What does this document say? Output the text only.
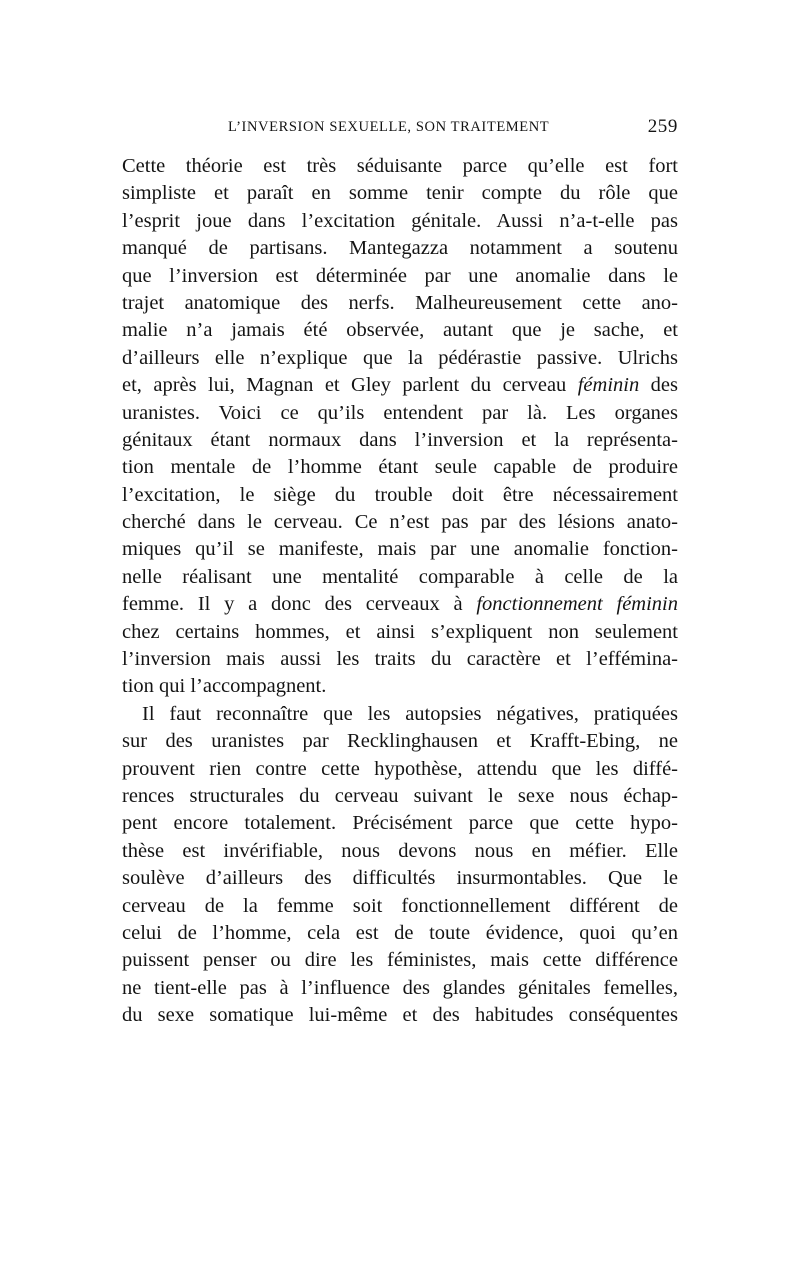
L’INVERSION SEXUELLE, SON TRAITEMENT	259
Cette théorie est très séduisante parce qu’elle est fort
simpliste et paraît en somme tenir compte du rôle que
l’esprit joue dans l’excitation génitale. Aussi n’a-t-elle pas
manqué de partisans. Mantegazza notamment a soutenu
que l’inversion est déterminée par une anomalie dans le
trajet anatomique des nerfs. Malheureusement cette ano-
malie n’a jamais été observée, autant que je sache, et
d’ailleurs elle n’explique que la pédérastie passive. Ulrichs
et, après lui, Magnan et Gley parlent du cerveau féminin des
uranistes. Voici ce qu’ils entendent par là. Les organes
génitaux étant normaux dans l’inversion et la représenta-
tion mentale de l’homme étant seule capable de produire
l’excitation, le siège du trouble doit être nécessairement
cherché dans le cerveau. Ce n’est pas par des lésions anato-
miques qu’il se manifeste, mais par une anomalie fonction-
nelle réalisant une mentalité comparable à celle de la
femme. Il y a donc des cerveaux à fonctionnement féminin
chez certains hommes, et ainsi s’expliquent non seulement
l’inversion mais aussi les traits du caractère et l’effémina-
tion qui l’accompagnent.
Il faut reconnaître que les autopsies négatives, pratiquées
sur des uranistes par Recklinghausen et Krafft-Ebing, ne
prouvent rien contre cette hypothèse, attendu que les diffé-
rences structurales du cerveau suivant le sexe nous échap-
pent encore totalement. Précisément parce que cette hypo-
thèse est invérifiable, nous devons nous en méfier. Elle
soulève d’ailleurs des difficultés insurmontables. Que le
cerveau de la femme soit fonctionnellement différent de
celui de l’homme, cela est de toute évidence, quoi qu’en
puissent penser ou dire les féministes, mais cette différence
ne tient-elle pas à l’influence des glandes génitales femelles,
du sexe somatique lui-même et des habitudes conséquentes
